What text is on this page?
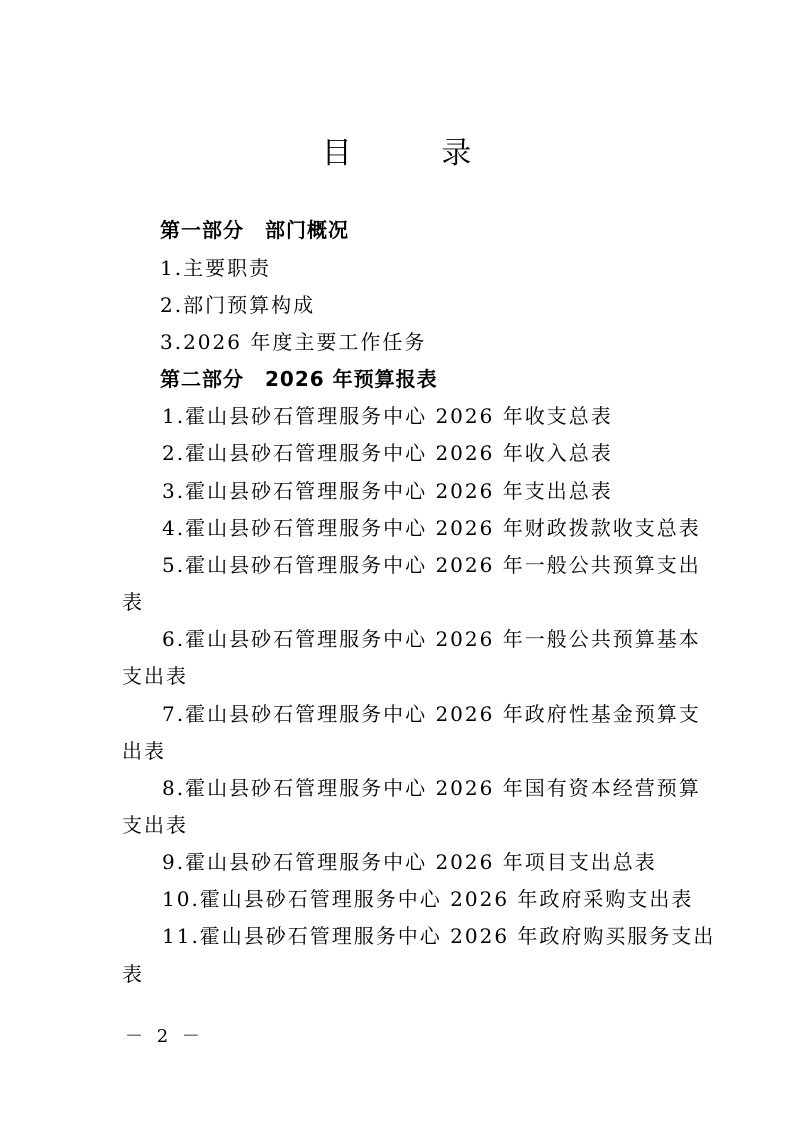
目 录
第一部分　部门概况
1.主要职责
2.部门预算构成
3.2026 年度主要工作任务
第二部分　2026 年预算报表
1.霍山县砂石管理服务中心 2026 年收支总表
2.霍山县砂石管理服务中心 2026 年收入总表
3.霍山县砂石管理服务中心 2026 年支出总表
4.霍山县砂石管理服务中心 2026 年财政拨款收支总表
5.霍山县砂石管理服务中心 2026 年一般公共预算支出
表
6.霍山县砂石管理服务中心 2026 年一般公共预算基本
支出表
7.霍山县砂石管理服务中心 2026 年政府性基金预算支
出表
8.霍山县砂石管理服务中心 2026 年国有资本经营预算
支出表
9.霍山县砂石管理服务中心 2026 年项目支出总表
10.霍山县砂石管理服务中心 2026 年政府采购支出表
11.霍山县砂石管理服务中心 2026 年政府购买服务支出
表
－ 2 －
